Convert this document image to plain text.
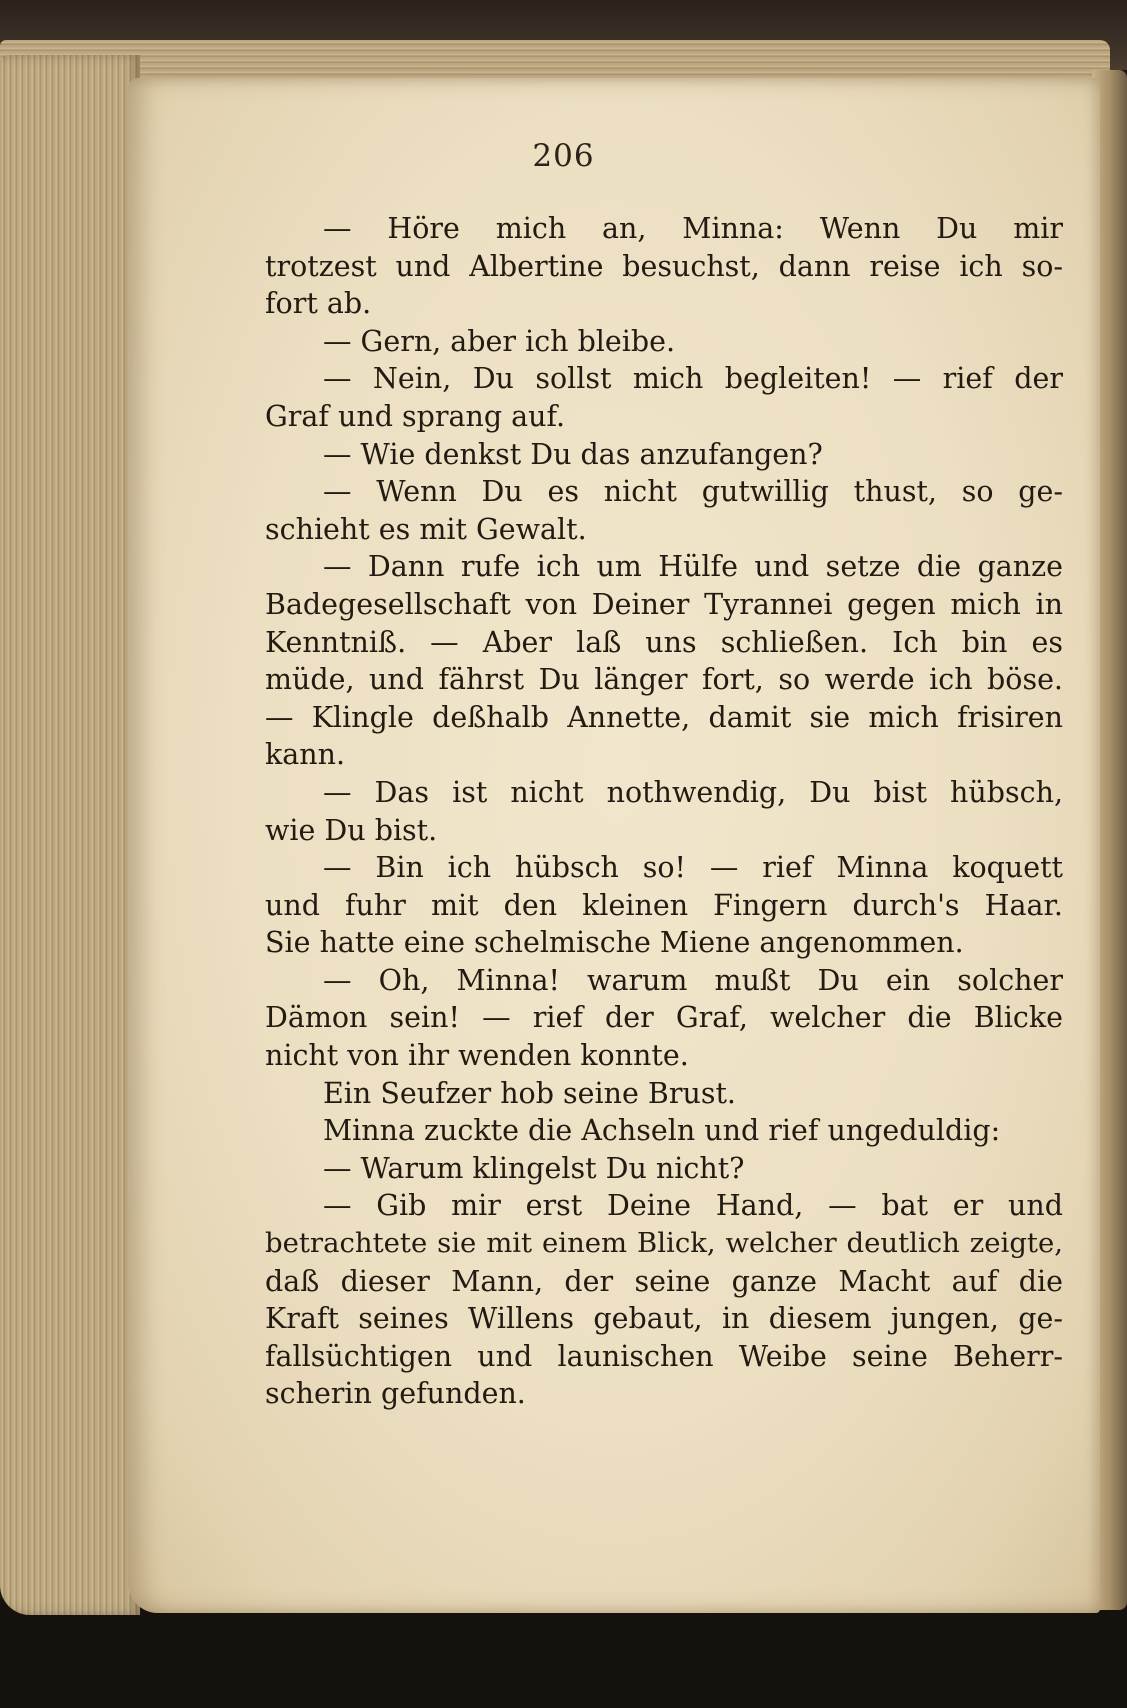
206
— Höre mich an, Minna: Wenn Du mir
trotzest und Albertine besuchst, dann reise ich so-
fort ab.
— Gern, aber ich bleibe.
— Nein, Du sollst mich begleiten! — rief der
Graf und sprang auf.
— Wie denkst Du das anzufangen?
— Wenn Du es nicht gutwillig thust, so ge-
schieht es mit Gewalt.
— Dann rufe ich um Hülfe und setze die ganze
Badegesellschaft von Deiner Tyrannei gegen mich in
Kenntniß. — Aber laß uns schließen. Ich bin es
müde, und fährst Du länger fort, so werde ich böse.
— Klingle deßhalb Annette, damit sie mich frisiren
kann.
— Das ist nicht nothwendig, Du bist hübsch,
wie Du bist.
— Bin ich hübsch so! — rief Minna koquett
und fuhr mit den kleinen Fingern durch's Haar.
Sie hatte eine schelmische Miene angenommen.
— Oh, Minna! warum mußt Du ein solcher
Dämon sein! — rief der Graf, welcher die Blicke
nicht von ihr wenden konnte.
Ein Seufzer hob seine Brust.
Minna zuckte die Achseln und rief ungeduldig:
— Warum klingelst Du nicht?
— Gib mir erst Deine Hand, — bat er und
betrachtete sie mit einem Blick, welcher deutlich zeigte,
daß dieser Mann, der seine ganze Macht auf die
Kraft seines Willens gebaut, in diesem jungen, ge-
fallsüchtigen und launischen Weibe seine Beherr-
scherin gefunden.
